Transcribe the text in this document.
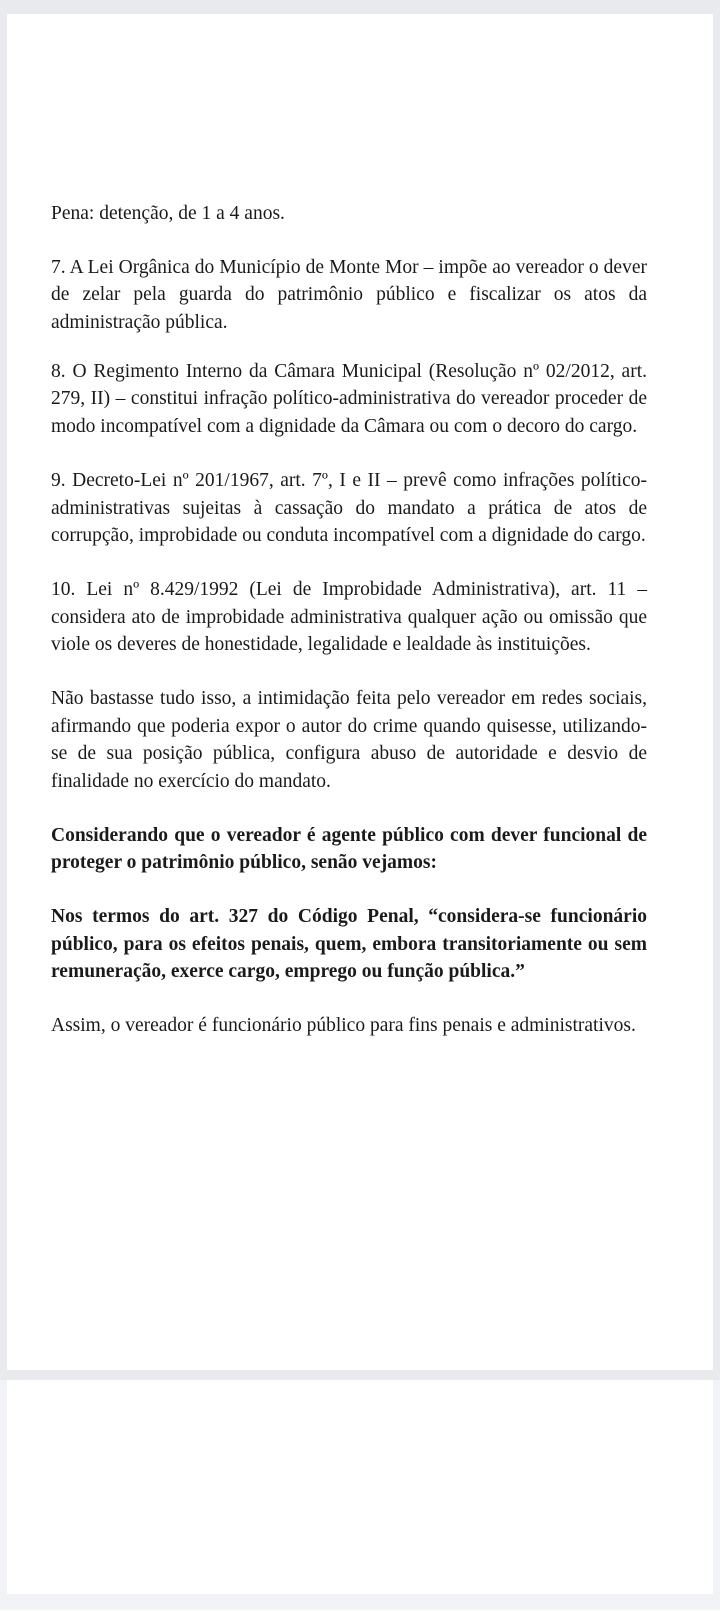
Pena: detenção, de 1 a 4 anos.

7. A Lei Orgânica do Município de Monte Mor – impõe ao vereador o dever de zelar pela guarda do patrimônio público e fiscalizar os atos da administração pública.

8. O Regimento Interno da Câmara Municipal (Resolução nº 02/2012, art. 279, II) – constitui infração político-administrativa do vereador proceder de modo incompatível com a dignidade da Câmara ou com o decoro do cargo.

9. Decreto-Lei nº 201/1967, art. 7º, I e II – prevê como infrações político-administrativas sujeitas à cassação do mandato a prática de atos de corrupção, improbidade ou conduta incompatível com a dignidade do cargo.

10. Lei nº 8.429/1992 (Lei de Improbidade Administrativa), art. 11 – considera ato de improbidade administrativa qualquer ação ou omissão que viole os deveres de honestidade, legalidade e lealdade às instituições.

Não bastasse tudo isso, a intimidação feita pelo vereador em redes sociais, afirmando que poderia expor o autor do crime quando quisesse, utilizando-se de sua posição pública, configura abuso de autoridade e desvio de finalidade no exercício do mandato.

Considerando que o vereador é agente público com dever funcional de proteger o patrimônio público, senão vejamos:

Nos termos do art. 327 do Código Penal, “considera-se funcionário público, para os efeitos penais, quem, embora transitoriamente ou sem remuneração, exerce cargo, emprego ou função pública.”

Assim, o vereador é funcionário público para fins penais e administrativos.
